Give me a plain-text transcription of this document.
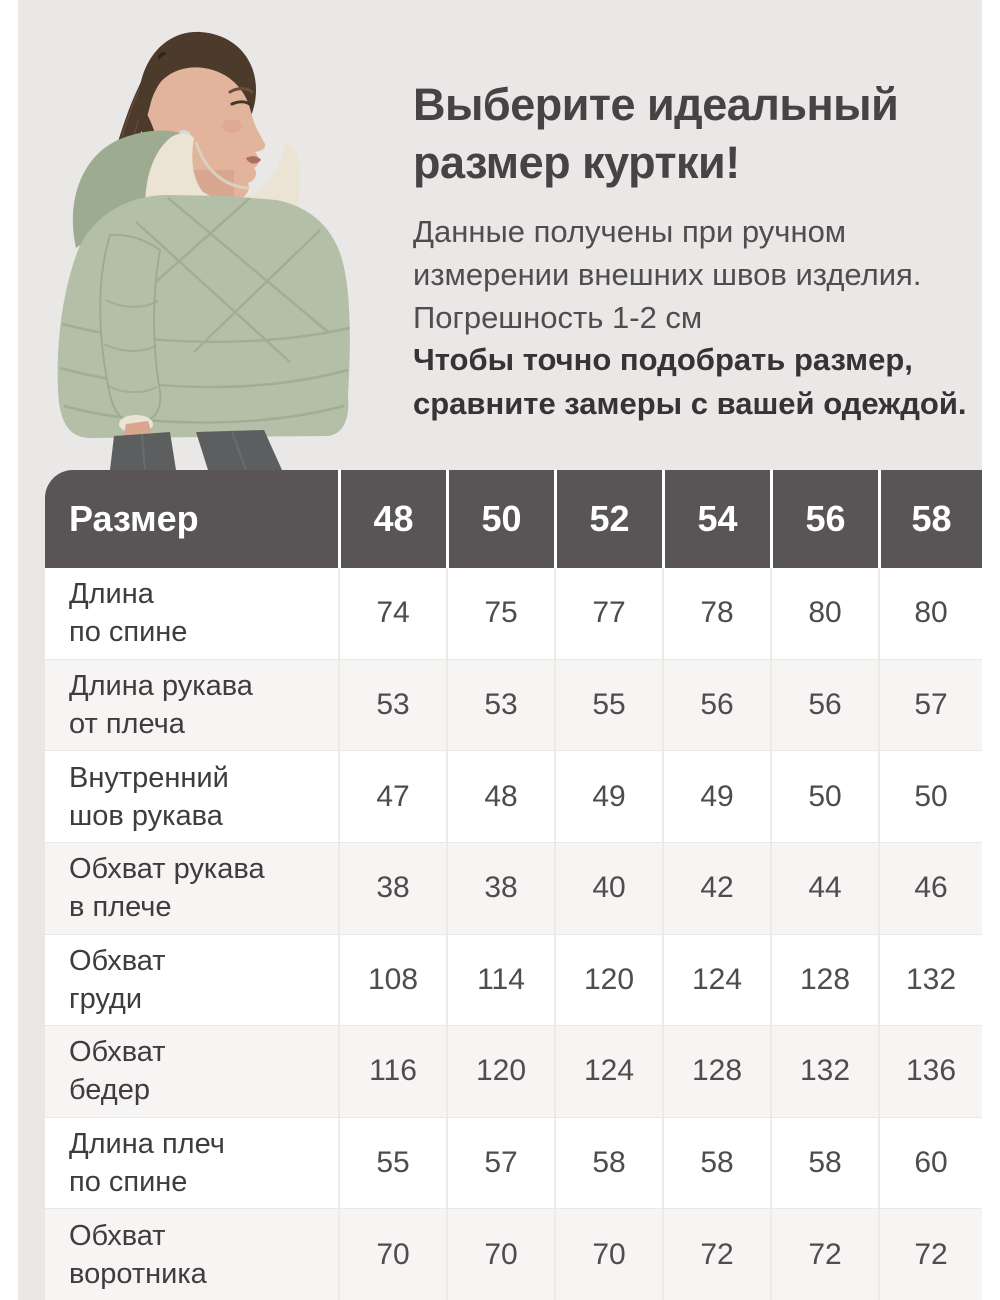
Выберите идеальный
размер куртки!
Данные получены при ручном
измерении внешних швов изделия.
Погрешность 1-2 см
Чтобы точно подобрать размер,
сравните замеры с вашей одеждой.
Размер	48	50	52	54	56	58
Длина
по спине
74	75	77	78	80	80
Длина рукава
от плеча
53	53	55	56	56	57
Внутренний
шов рукава
47	48	49	49	50	50
Обхват рукава
в плече
38	38	40	42	44	46
Обхват
груди
108	114	120	124	128	132
Обхват
бедер
116	120	124	128	132	136
Длина плеч
по спине
55	57	58	58	58	60
Обхват
воротника
70	70	70	72	72	72
